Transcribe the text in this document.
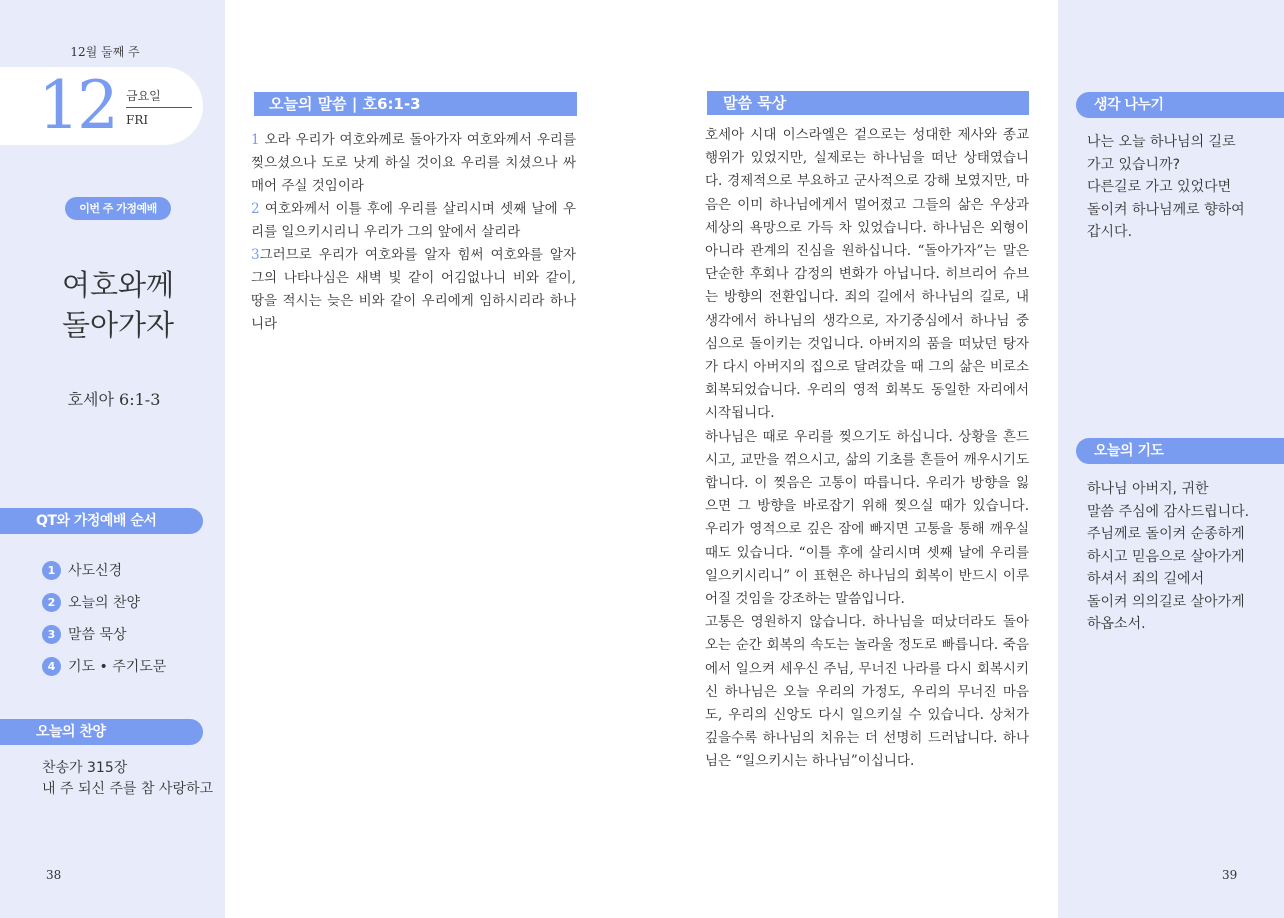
12월 둘째 주
12 금요일
FRI
이번 주 가정예배
여호와께
돌아가자
호세아 6:1-3
QT와 가정예배 순서
1 사도신경
2 오늘의 찬양
3 말씀 묵상
4 기도 • 주기도문
오늘의 찬양
찬송가 315장
내 주 되신 주를 참 사랑하고
38
오늘의 말씀 | 호6:1-3
1 오라 우리가 여호와께로 돌아가자 여호와께서 우리를 찢으셨으나 도로 낫게 하실 것이요 우리를 치셨으나 싸매어 주실 것임이라
2 여호와께서 이틀 후에 우리를 살리시며 셋째 날에 우리를 일으키시리니 우리가 그의 앞에서 살리라
3그러므로 우리가 여호와를 알자 힘써 여호와를 알자 그의 나타나심은 새벽 빛 같이 어김없나니 비와 같이, 땅을 적시는 늦은 비와 같이 우리에게 임하시리라 하나니라
말씀 묵상

호세아 시대 이스라엘은 겉으로는 성대한 제사와 종교 행위가 있었지만, 실제로는 하나님을 떠난 상태였습니다. 경제적으로 부요하고 군사적으로 강해 보였지만, 마음은 이미 하나님에게서 멀어졌고 그들의 삶은 우상과 세상의 욕망으로 가득 차 있었습니다. 하나님은 외형이 아니라 관계의 진심을 원하십니다. “돌아가자”는 말은 단순한 후회나 감정의 변화가 아닙니다. 히브리어 슈브는 방향의 전환입니다. 죄의 길에서 하나님의 길로, 내 생각에서 하나님의 생각으로, 자기중심에서 하나님 중심으로 돌이키는 것입니다. 아버지의 품을 떠났던 탕자가 다시 아버지의 집으로 달려갔을 때 그의 삶은 비로소 회복되었습니다. 우리의 영적 회복도 동일한 자리에서 시작됩니다.

하나님은 때로 우리를 찢으기도 하십니다. 상황을 흔드시고, 교만을 꺾으시고, 삶의 기초를 흔들어 깨우시기도 합니다. 이 찢음은 고통이 따릅니다. 우리가 방향을 잃으면 그 방향을 바로잡기 위해 찢으실 때가 있습니다. 우리가 영적으로 깊은 잠에 빠지면 고통을 통해 깨우실 때도 있습니다. “이틀 후에 살리시며 셋째 날에 우리를 일으키시리니” 이 표현은 하나님의 회복이 반드시 이루어질 것임을 강조하는 말씀입니다.

고통은 영원하지 않습니다. 하나님을 떠났더라도 돌아오는 순간 회복의 속도는 놀라울 정도로 빠릅니다. 죽음에서 일으켜 세우신 주님, 무너진 나라를 다시 회복시키신 하나님은 오늘 우리의 가정도, 우리의 무너진 마음도, 우리의 신앙도 다시 일으키실 수 있습니다. 상처가 깊을수록 하나님의 치유는 더 선명히 드러납니다. 하나님은 “일으키시는 하나님”이십니다.

생각 나누기
나는 오늘 하나님의 길로
가고 있습니까?
다른길로 가고 있었다면
돌이켜 하나님께로 향하여
갑시다.
오늘의 기도
하나님 아버지, 귀한
말씀 주심에 감사드립니다.
주님께로 돌이켜 순종하게
하시고 믿음으로 살아가게
하셔서 죄의 길에서
돌이켜 의의길로 살아가게
하옵소서.
39
